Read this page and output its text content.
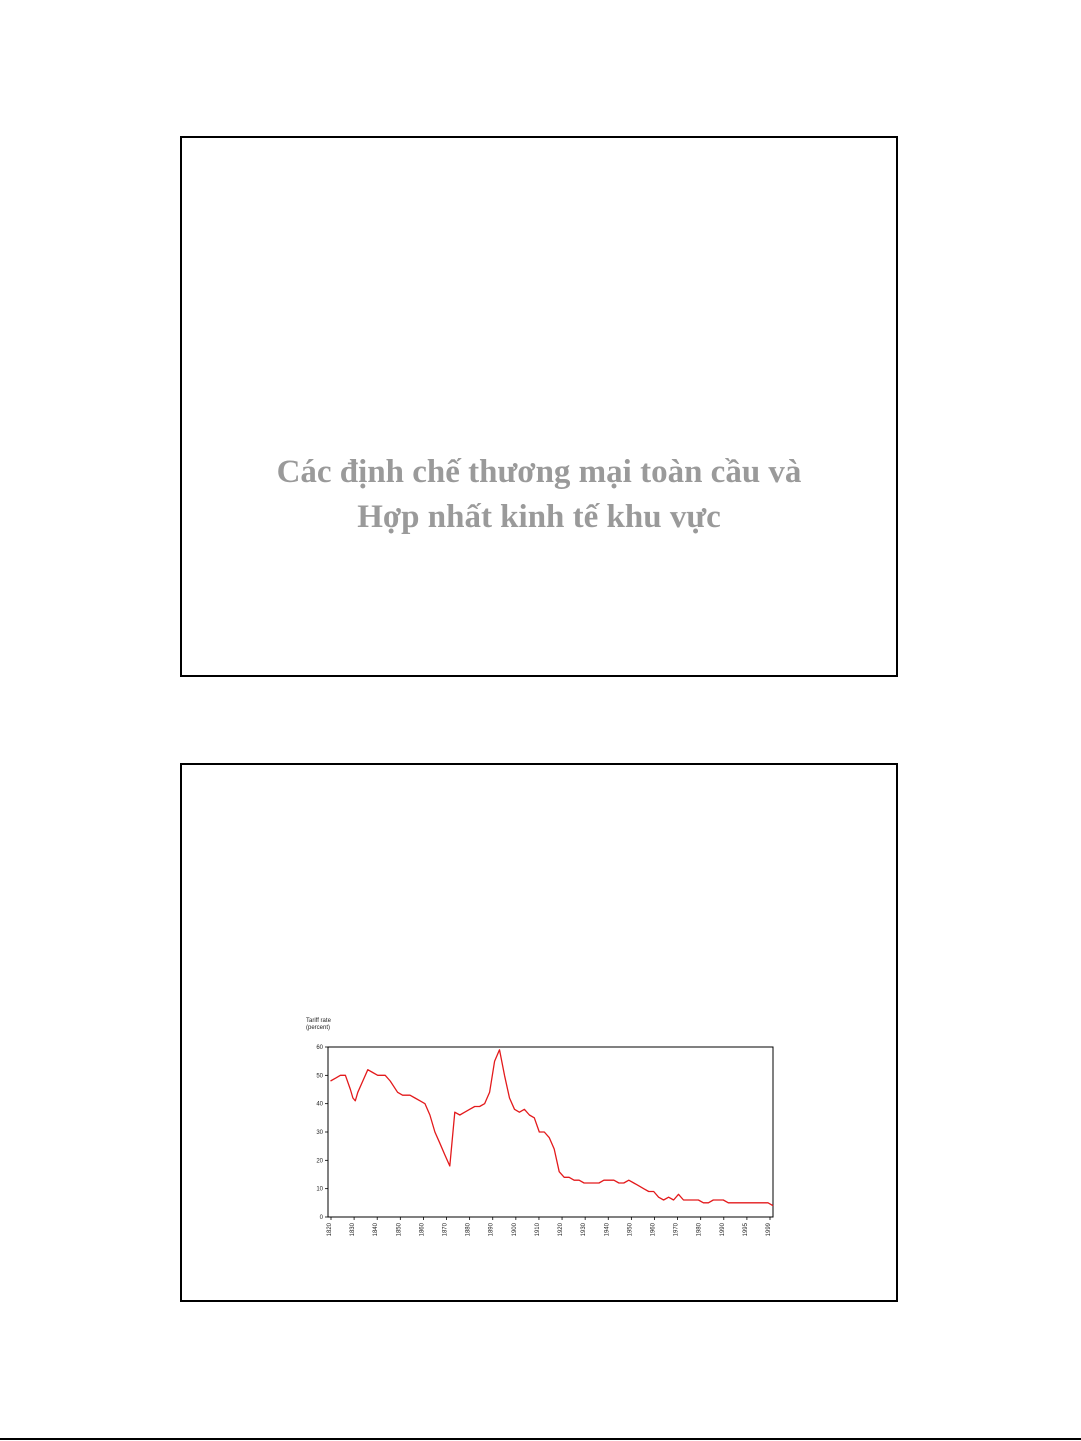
Các định chế thương mại toàn cầu và
Hợp nhất kinh tế khu vực
Tariff rate
(percent)
0
10
20
30
40
50
60
1820	1830	1840	1850	1860	1870	1880	1890	1900	1910	1920	1930	1940	1950	1960	1970	1980	1990	1995	1999
